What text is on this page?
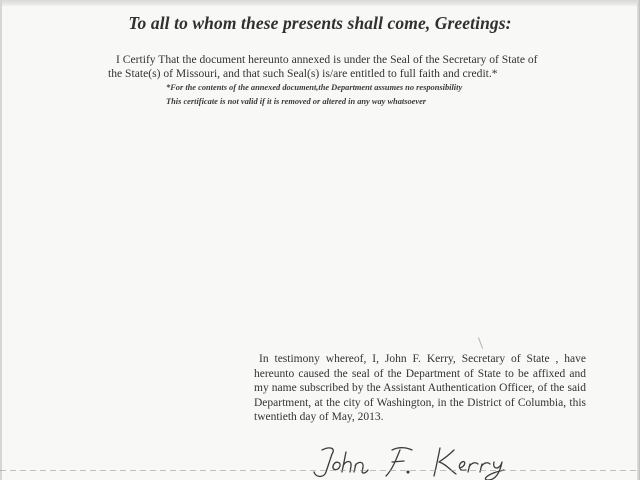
To all to whom these presents shall come, Greetings:
I Certify That the document hereunto annexed is under the Seal of the Secretary of State of
the State(s) of Missouri, and that such Seal(s) is/are entitled to full faith and credit.*
*For the contents of the annexed document,the Department assumes no responsibility
This certificate is not valid if it is removed or altered in any way whatsoever

In testimony whereof, I, John F. Kerry, Secretary of State , have hereunto caused the seal of the Department of State to be affixed and my name subscribed by the Assistant Authentication Officer, of the said Department, at the city of Washington, in the District of Columbia, this twentieth day of May, 2013.
